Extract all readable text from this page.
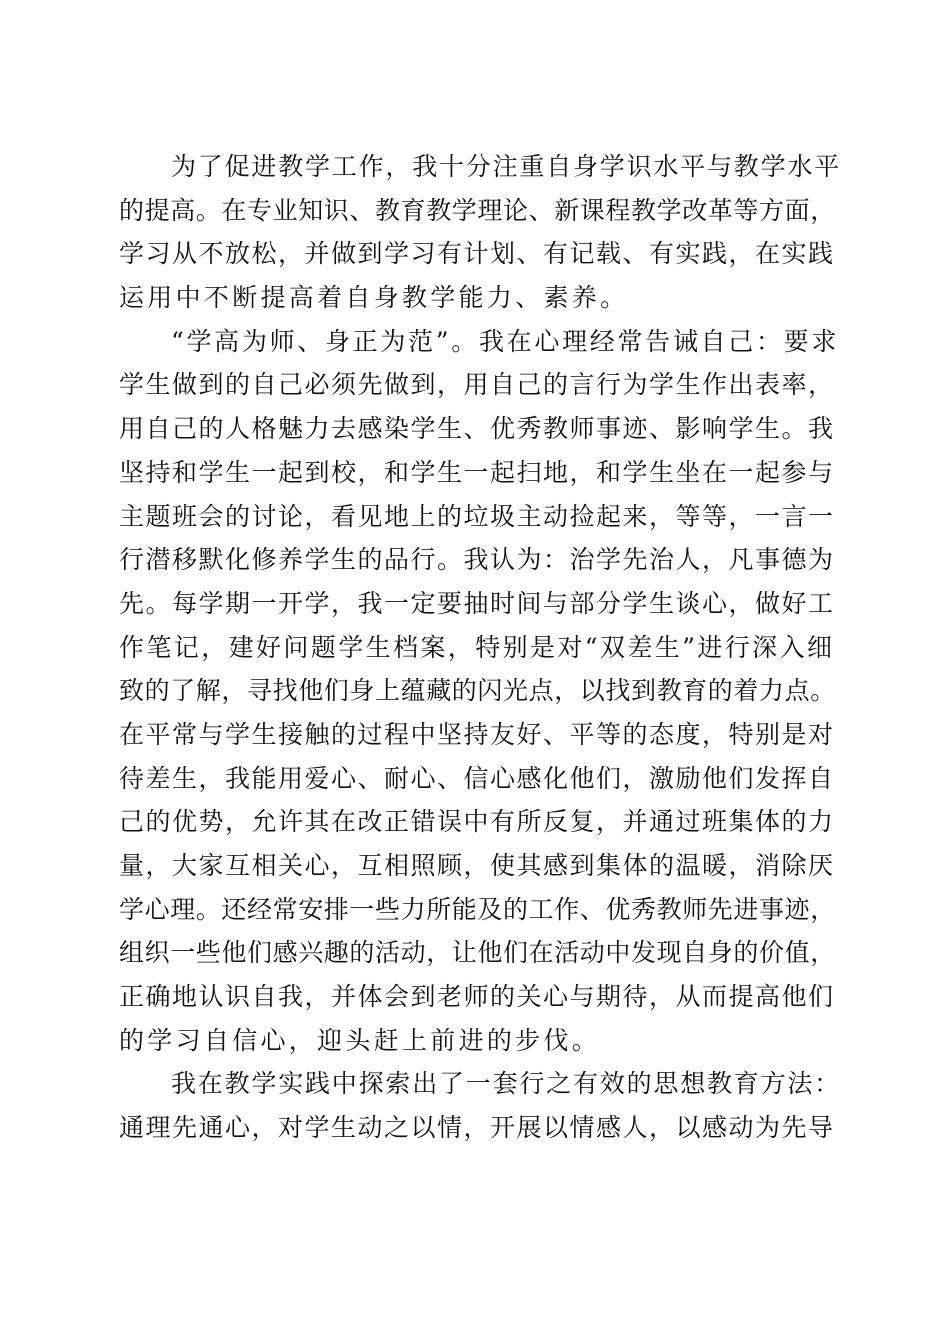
为了促进教学工作，我十分注重自身学识水平与教学水平
的提高。在专业知识、教育教学理论、新课程教学改革等方面，
学习从不放松，并做到学习有计划、有记载、有实践，在实践
运用中不断提高着自身教学能力、素养。
“学高为师、身正为范”。我在心理经常告诫自己：要求
学生做到的自己必须先做到，用自己的言行为学生作出表率，
用自己的人格魅力去感染学生、优秀教师事迹、影响学生。我
坚持和学生一起到校，和学生一起扫地，和学生坐在一起参与
主题班会的讨论，看见地上的垃圾主动捡起来，等等，一言一
行潜移默化修养学生的品行。我认为：治学先治人，凡事德为
先。每学期一开学，我一定要抽时间与部分学生谈心，做好工
作笔记，建好问题学生档案，特别是对“双差生”进行深入细
致的了解，寻找他们身上蕴藏的闪光点，以找到教育的着力点。
在平常与学生接触的过程中坚持友好、平等的态度，特别是对
待差生，我能用爱心、耐心、信心感化他们，激励他们发挥自
己的优势，允许其在改正错误中有所反复，并通过班集体的力
量，大家互相关心，互相照顾，使其感到集体的温暖，消除厌
学心理。还经常安排一些力所能及的工作、优秀教师先进事迹，
组织一些他们感兴趣的活动，让他们在活动中发现自身的价值，
正确地认识自我，并体会到老师的关心与期待，从而提高他们
的学习自信心，迎头赶上前进的步伐。
我在教学实践中探索出了一套行之有效的思想教育方法：
通理先通心，对学生动之以情，开展以情感人，以感动为先导
